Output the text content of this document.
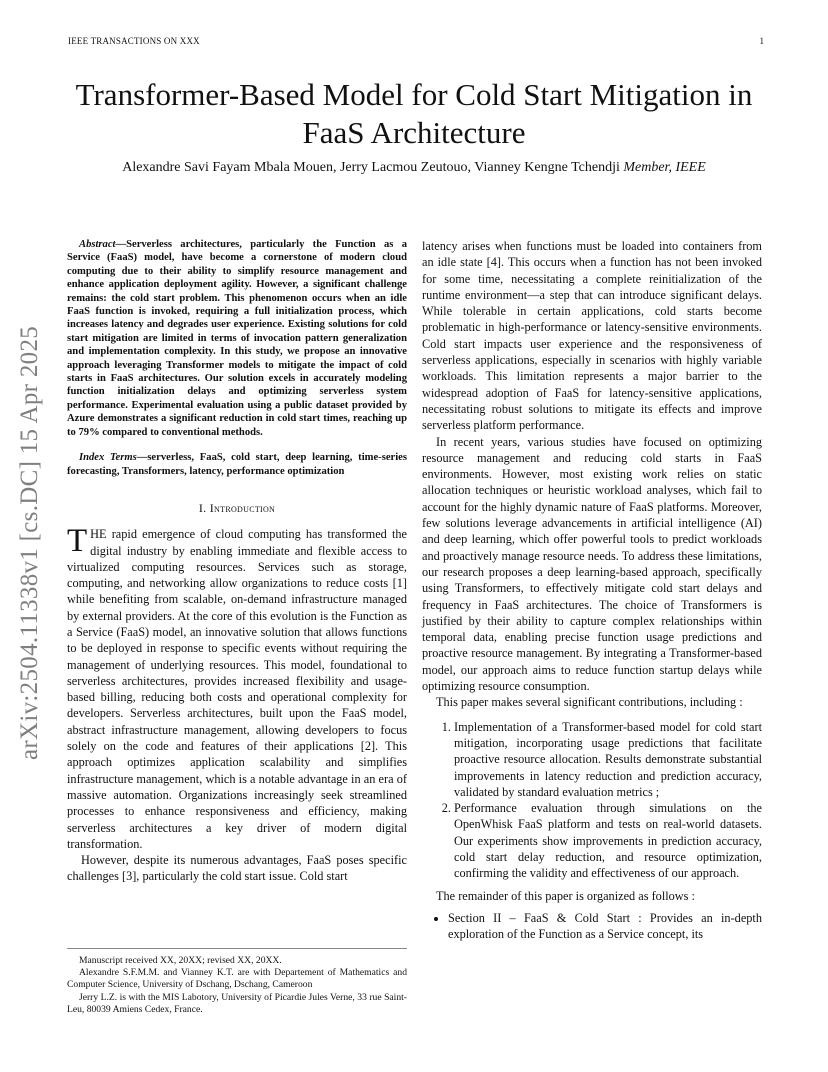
IEEE TRANSACTIONS ON XXX	1
arXiv:2504.11338v1 [cs.DC] 15 Apr 2025
Transformer-Based Model for Cold Start Mitigation in FaaS Architecture
Alexandre Savi Fayam Mbala Mouen, Jerry Lacmou Zeutouo, Vianney Kengne Tchendji Member, IEEE

Abstract—Serverless architectures, particularly the Function as a Service (FaaS) model, have become a cornerstone of modern cloud computing due to their ability to simplify resource management and enhance application deployment agility. However, a significant challenge remains: the cold start problem. This phenomenon occurs when an idle FaaS function is invoked, requiring a full initialization process, which increases latency and degrades user experience. Existing solutions for cold start mitigation are limited in terms of invocation pattern generalization and implementation complexity. In this study, we propose an innovative approach leveraging Transformer models to mitigate the impact of cold starts in FaaS architectures. Our solution excels in accurately modeling function initialization delays and optimizing serverless system performance. Experimental evaluation using a public dataset provided by Azure demonstrates a significant reduction in cold start times, reaching up to 79% compared to conventional methods.

Index Terms—serverless, FaaS, cold start, deep learning, time-series forecasting, Transformers, latency, performance optimization

I. Introduction

THE rapid emergence of cloud computing has transformed the digital industry by enabling immediate and flexible access to virtualized computing resources. Services such as storage, computing, and networking allow organizations to reduce costs [1] while benefiting from scalable, on-demand infrastructure managed by external providers. At the core of this evolution is the Function as a Service (FaaS) model, an innovative solution that allows functions to be deployed in response to specific events without requiring the management of underlying resources. This model, foundational to serverless architectures, provides increased flexibility and usage-based billing, reducing both costs and operational complexity for developers. Serverless architectures, built upon the FaaS model, abstract infrastructure management, allowing developers to focus solely on the code and features of their applications [2]. This approach optimizes application scalability and simplifies infrastructure management, which is a notable advantage in an era of massive automation. Organizations increasingly seek streamlined processes to enhance responsiveness and efficiency, making serverless architectures a key driver of modern digital transformation.

However, despite its numerous advantages, FaaS poses specific challenges [3], particularly the cold start issue. Cold start

Manuscript received XX, 20XX; revised XX, 20XX.

Alexandre S.F.M.M. and Vianney K.T. are with Departement of Mathematics and Computer Science, University of Dschang, Dschang, Cameroon

Jerry L.Z. is with the MIS Labotory, University of Picardie Jules Verne, 33 rue Saint-Leu, 80039 Amiens Cedex, France.

latency arises when functions must be loaded into containers from an idle state [4]. This occurs when a function has not been invoked for some time, necessitating a complete reinitialization of the runtime environment—a step that can introduce significant delays. While tolerable in certain applications, cold starts become problematic in high-performance or latency-sensitive environments. Cold start impacts user experience and the responsiveness of serverless applications, especially in scenarios with highly variable workloads. This limitation represents a major barrier to the widespread adoption of FaaS for latency-sensitive applications, necessitating robust solutions to mitigate its effects and improve serverless platform performance.

In recent years, various studies have focused on optimizing resource management and reducing cold starts in FaaS environments. However, most existing work relies on static allocation techniques or heuristic workload analyses, which fail to account for the highly dynamic nature of FaaS platforms. Moreover, few solutions leverage advancements in artificial intelligence (AI) and deep learning, which offer powerful tools to predict workloads and proactively manage resource needs. To address these limitations, our research proposes a deep learning-based approach, specifically using Transformers, to effectively mitigate cold start delays and frequency in FaaS architectures. The choice of Transformers is justified by their ability to capture complex relationships within temporal data, enabling precise function usage predictions and proactive resource management. By integrating a Transformer-based model, our approach aims to reduce function startup delays while optimizing resource consumption.

This paper makes several significant contributions, including :

1. Implementation of a Transformer-based model for cold start mitigation, incorporating usage predictions that facilitate proactive resource allocation. Results demonstrate substantial improvements in latency reduction and prediction accuracy, validated by standard evaluation metrics ;
2. Performance evaluation through simulations on the OpenWhisk FaaS platform and tests on real-world datasets. Our experiments show improvements in prediction accuracy, cold start delay reduction, and resource optimization, confirming the validity and effectiveness of our approach.

The remainder of this paper is organized as follows :

• Section II – FaaS & Cold Start : Provides an in-depth exploration of the Function as a Service concept, its
